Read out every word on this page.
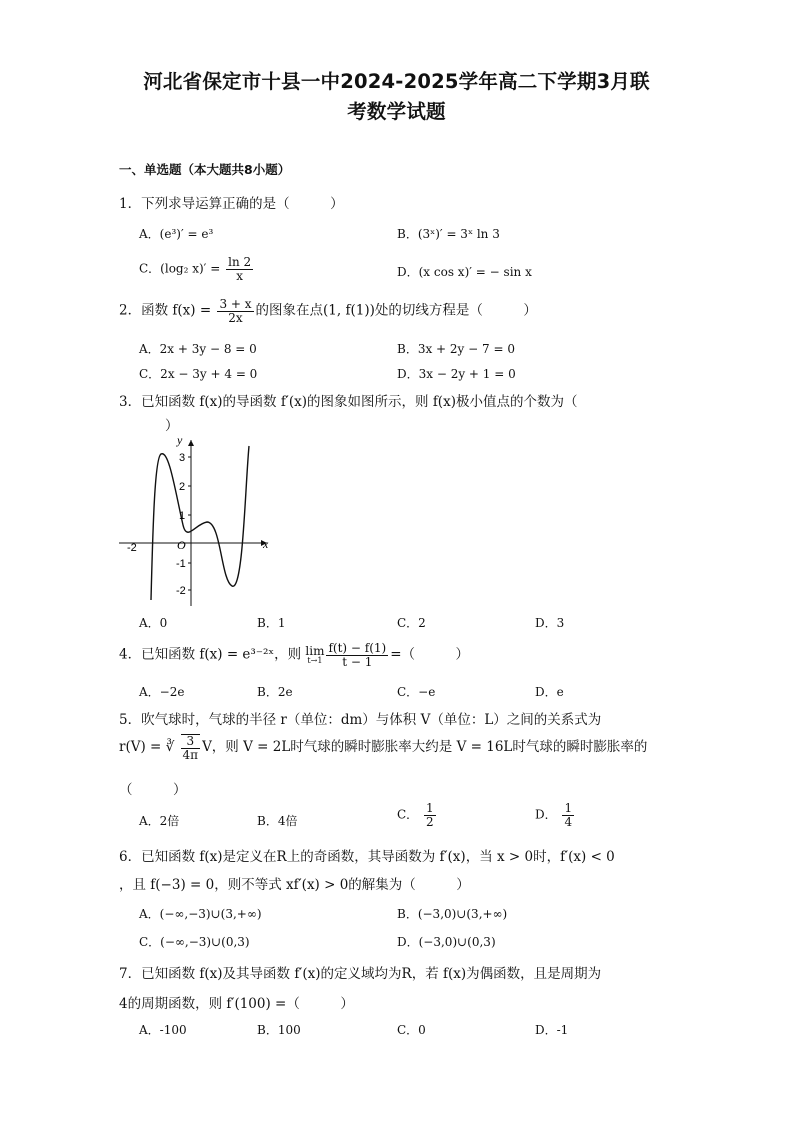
河北省保定市十县一中2024-2025学年高二下学期3月联
考数学试题
一、单选题（本大题共8小题）
1．下列求导运算正确的是（　　　）
A．(e³)′ = e³	B．(3ˣ)′ = 3ˣ ln 3
C．(log₂ $x)' = \frac{\ln 2}{x}$	D．(x cos x)′ = − sin x
2．函数 $f(x) = \frac{3 + x}{2x}$ 的图象在点(1, f(1))处的切线方程是（　　　）
A．2x + 3y − 8 = 0	B．3x + 2y − 7 = 0
C．2x − 3y + 4 = 0	D．3x − 2y + 1 = 0
3．已知函数 f(x)的导函数 f′(x)的图象如图所示，则 f(x)极小值点的个数为（
）
y
x
O
3
2
1
-1
-2
-2
A．0	B．1	C．2	D．3
4．已知函数 f(x) = e³⁻²ˣ，则 lim
$t\to 1 \frac{f(t) - f(1)}{t - 1}$ =（　　　）
A．−2e	B．2e	C．−e	D．e
5．吹气球时，气球的半径 r（单位：dm）与体积 V（单位：L）之间的关系式为
r(V) = ∛ $\frac{3}{4\pi}$ V，则 V = 2L时气球的瞬时膨胀率大约是 V = 16L时气球的瞬时膨胀率的
（　　　）
A．2倍	B．4倍	C． $\frac{1}{2}$	D． $\frac{1}{4}$
6．已知函数 f(x)是定义在R上的奇函数，其导函数为 f′(x)，当 x > 0时，f′(x) < 0
，且 f(−3) = 0，则不等式 xf′(x) > 0的解集为（　　　）
A．(−∞,−3)∪(3,+∞)	B．(−3,0)∪(3,+∞)
C．(−∞,−3)∪(0,3)	D．(−3,0)∪(0,3)
7．已知函数 f(x)及其导函数 f′(x)的定义域均为R，若 f(x)为偶函数，且是周期为
4的周期函数，则 f′(100) =（　　　）
A．-100	B．100	C．0	D．-1
